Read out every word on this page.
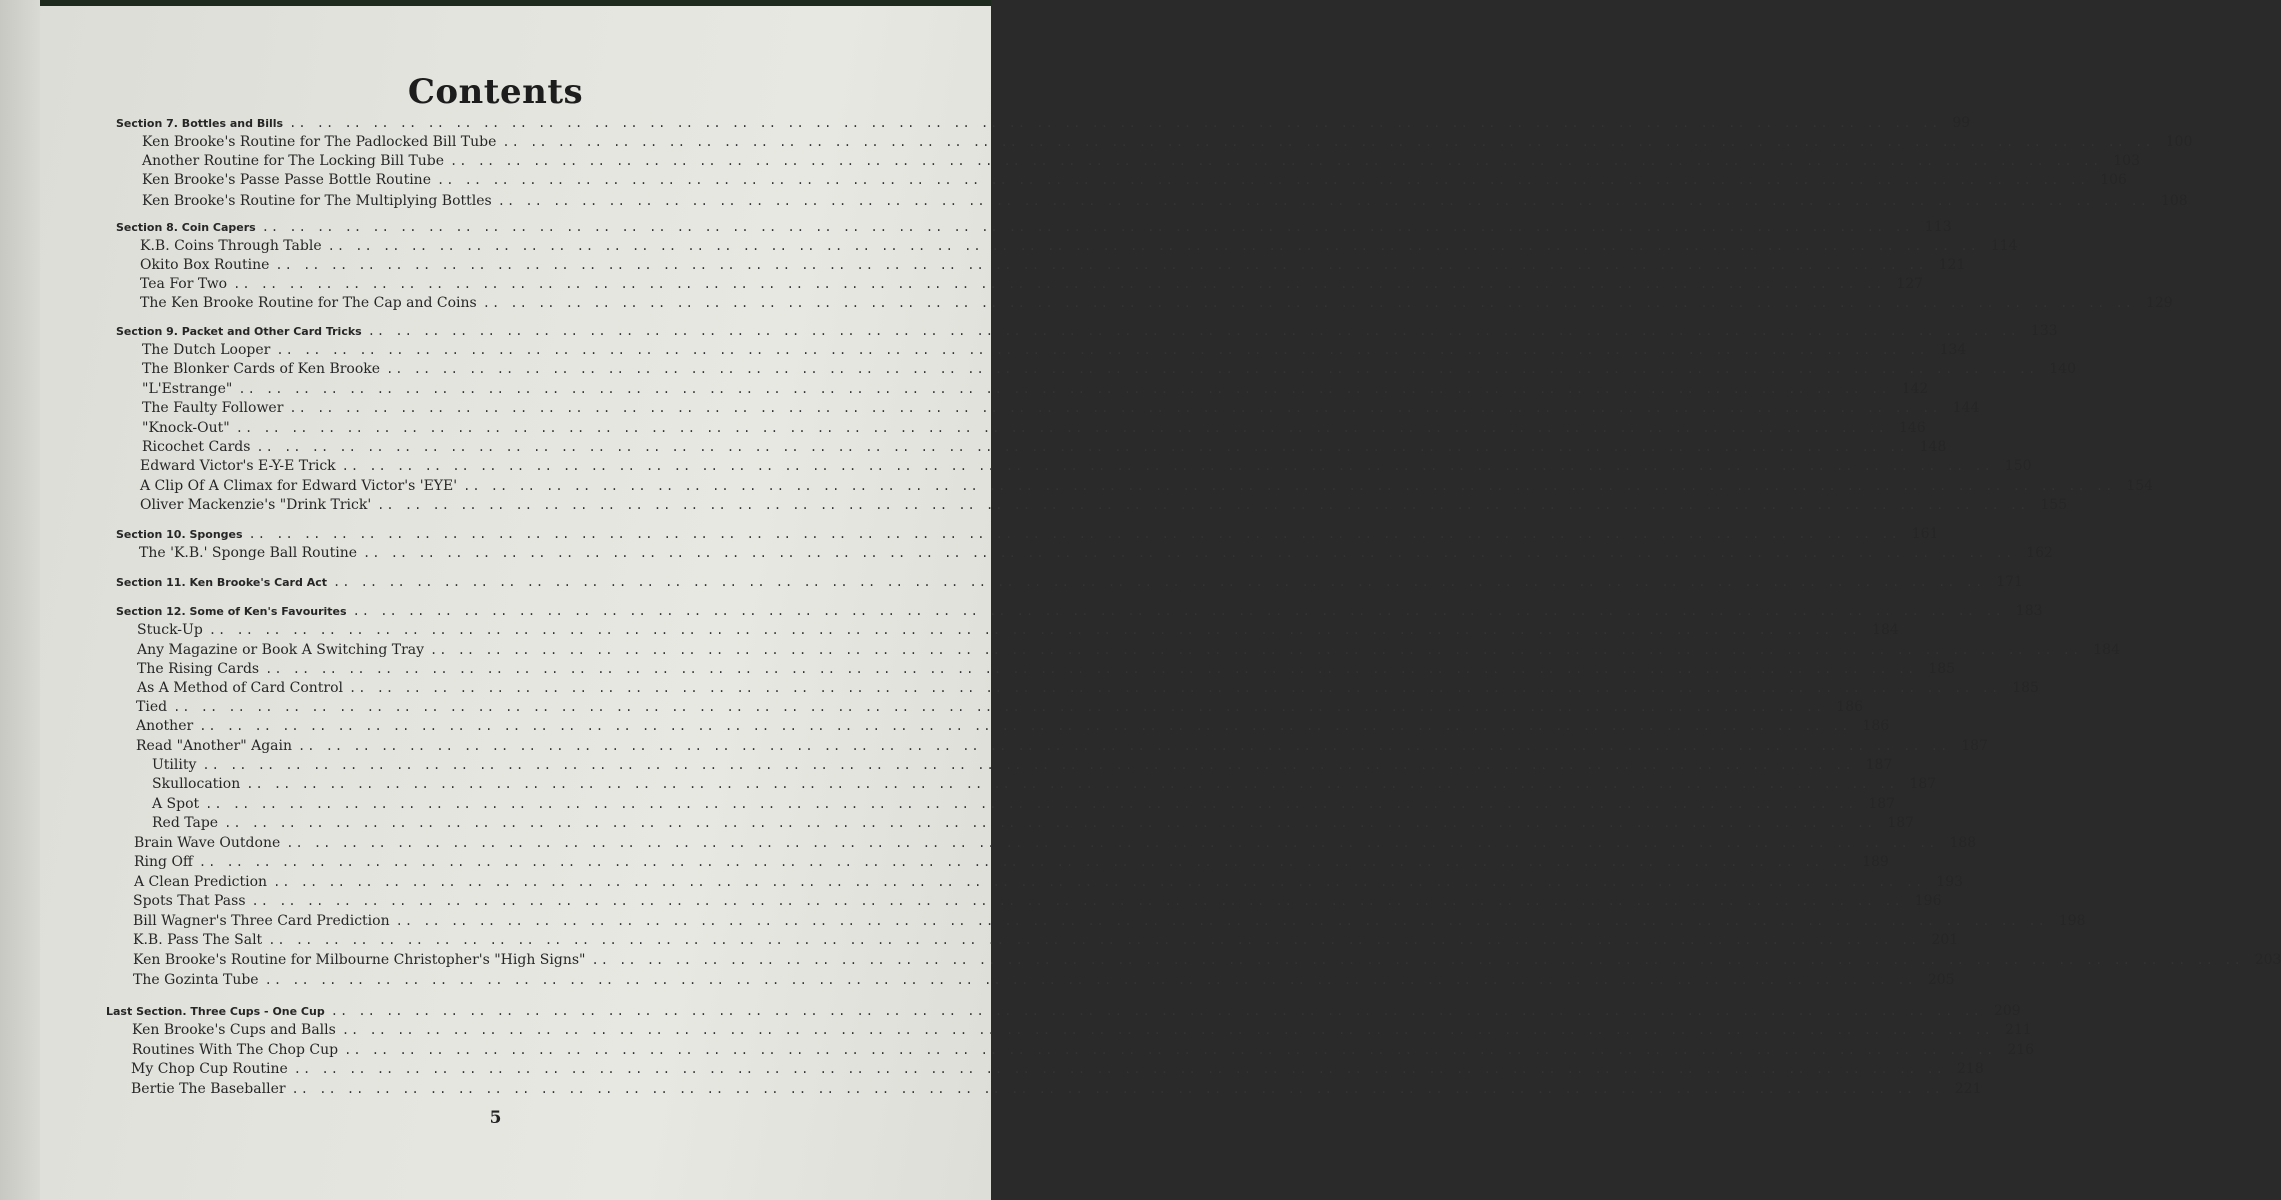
Contents
Section 7. Bottles and Bills .. .. .. .. .. .. .. .. .. .. .. .. .. .. .. .. .. .. .. .. .. .. .. .. .. .. .. .. .. .. .. .. .. .. .. .. .. .. .. .. .. .. .. .. .. .. .. .. .. .. .. .. .. .. .. .. .. .. .. .. 99
Ken Brooke's Routine for The Padlocked Bill Tube .. .. .. .. .. .. .. .. .. .. .. .. .. .. .. .. .. .. .. .. .. .. .. .. .. .. .. .. .. .. .. .. .. .. .. .. .. .. .. .. .. .. .. .. .. .. .. .. .. .. .. .. .. .. .. .. .. .. .. .. 100
Another Routine for The Locking Bill Tube .. .. .. .. .. .. .. .. .. .. .. .. .. .. .. .. .. .. .. .. .. .. .. .. .. .. .. .. .. .. .. .. .. .. .. .. .. .. .. .. .. .. .. .. .. .. .. .. .. .. .. .. .. .. .. .. .. .. .. .. 103
Ken Brooke's Passe Passe Bottle Routine .. .. .. .. .. .. .. .. .. .. .. .. .. .. .. .. .. .. .. .. .. .. .. .. .. .. .. .. .. .. .. .. .. .. .. .. .. .. .. .. .. .. .. .. .. .. .. .. .. .. .. .. .. .. .. .. .. .. .. .. 106
Ken Brooke's Routine for The Multiplying Bottles .. .. .. .. .. .. .. .. .. .. .. .. .. .. .. .. .. .. .. .. .. .. .. .. .. .. .. .. .. .. .. .. .. .. .. .. .. .. .. .. .. .. .. .. .. .. .. .. .. .. .. .. .. .. .. .. .. .. .. .. 108
Section 8. Coin Capers .. .. .. .. .. .. .. .. .. .. .. .. .. .. .. .. .. .. .. .. .. .. .. .. .. .. .. .. .. .. .. .. .. .. .. .. .. .. .. .. .. .. .. .. .. .. .. .. .. .. .. .. .. .. .. .. .. .. .. .. 113
K.B. Coins Through Table .. .. .. .. .. .. .. .. .. .. .. .. .. .. .. .. .. .. .. .. .. .. .. .. .. .. .. .. .. .. .. .. .. .. .. .. .. .. .. .. .. .. .. .. .. .. .. .. .. .. .. .. .. .. .. .. .. .. .. .. 114
Okito Box Routine .. .. .. .. .. .. .. .. .. .. .. .. .. .. .. .. .. .. .. .. .. .. .. .. .. .. .. .. .. .. .. .. .. .. .. .. .. .. .. .. .. .. .. .. .. .. .. .. .. .. .. .. .. .. .. .. .. .. .. .. 121
Tea For Two .. .. .. .. .. .. .. .. .. .. .. .. .. .. .. .. .. .. .. .. .. .. .. .. .. .. .. .. .. .. .. .. .. .. .. .. .. .. .. .. .. .. .. .. .. .. .. .. .. .. .. .. .. .. .. .. .. .. .. .. 127
The Ken Brooke Routine for The Cap and Coins .. .. .. .. .. .. .. .. .. .. .. .. .. .. .. .. .. .. .. .. .. .. .. .. .. .. .. .. .. .. .. .. .. .. .. .. .. .. .. .. .. .. .. .. .. .. .. .. .. .. .. .. .. .. .. .. .. .. .. .. 129
Section 9. Packet and Other Card Tricks .. .. .. .. .. .. .. .. .. .. .. .. .. .. .. .. .. .. .. .. .. .. .. .. .. .. .. .. .. .. .. .. .. .. .. .. .. .. .. .. .. .. .. .. .. .. .. .. .. .. .. .. .. .. .. .. .. .. .. .. 133
The Dutch Looper .. .. .. .. .. .. .. .. .. .. .. .. .. .. .. .. .. .. .. .. .. .. .. .. .. .. .. .. .. .. .. .. .. .. .. .. .. .. .. .. .. .. .. .. .. .. .. .. .. .. .. .. .. .. .. .. .. .. .. .. 134
The Blonker Cards of Ken Brooke .. .. .. .. .. .. .. .. .. .. .. .. .. .. .. .. .. .. .. .. .. .. .. .. .. .. .. .. .. .. .. .. .. .. .. .. .. .. .. .. .. .. .. .. .. .. .. .. .. .. .. .. .. .. .. .. .. .. .. .. 140
"L'Estrange" .. .. .. .. .. .. .. .. .. .. .. .. .. .. .. .. .. .. .. .. .. .. .. .. .. .. .. .. .. .. .. .. .. .. .. .. .. .. .. .. .. .. .. .. .. .. .. .. .. .. .. .. .. .. .. .. .. .. .. .. 142
The Faulty Follower .. .. .. .. .. .. .. .. .. .. .. .. .. .. .. .. .. .. .. .. .. .. .. .. .. .. .. .. .. .. .. .. .. .. .. .. .. .. .. .. .. .. .. .. .. .. .. .. .. .. .. .. .. .. .. .. .. .. .. .. 144
"Knock-Out" .. .. .. .. .. .. .. .. .. .. .. .. .. .. .. .. .. .. .. .. .. .. .. .. .. .. .. .. .. .. .. .. .. .. .. .. .. .. .. .. .. .. .. .. .. .. .. .. .. .. .. .. .. .. .. .. .. .. .. .. 146
Ricochet Cards .. .. .. .. .. .. .. .. .. .. .. .. .. .. .. .. .. .. .. .. .. .. .. .. .. .. .. .. .. .. .. .. .. .. .. .. .. .. .. .. .. .. .. .. .. .. .. .. .. .. .. .. .. .. .. .. .. .. .. .. 148
Edward Victor's E-Y-E Trick .. .. .. .. .. .. .. .. .. .. .. .. .. .. .. .. .. .. .. .. .. .. .. .. .. .. .. .. .. .. .. .. .. .. .. .. .. .. .. .. .. .. .. .. .. .. .. .. .. .. .. .. .. .. .. .. .. .. .. .. 150
A Clip Of A Climax for Edward Victor's 'EYE' .. .. .. .. .. .. .. .. .. .. .. .. .. .. .. .. .. .. .. .. .. .. .. .. .. .. .. .. .. .. .. .. .. .. .. .. .. .. .. .. .. .. .. .. .. .. .. .. .. .. .. .. .. .. .. .. .. .. .. .. 154
Oliver Mackenzie's "Drink Trick' .. .. .. .. .. .. .. .. .. .. .. .. .. .. .. .. .. .. .. .. .. .. .. .. .. .. .. .. .. .. .. .. .. .. .. .. .. .. .. .. .. .. .. .. .. .. .. .. .. .. .. .. .. .. .. .. .. .. .. .. 155
Section 10. Sponges .. .. .. .. .. .. .. .. .. .. .. .. .. .. .. .. .. .. .. .. .. .. .. .. .. .. .. .. .. .. .. .. .. .. .. .. .. .. .. .. .. .. .. .. .. .. .. .. .. .. .. .. .. .. .. .. .. .. .. .. 161
The 'K.B.' Sponge Ball Routine .. .. .. .. .. .. .. .. .. .. .. .. .. .. .. .. .. .. .. .. .. .. .. .. .. .. .. .. .. .. .. .. .. .. .. .. .. .. .. .. .. .. .. .. .. .. .. .. .. .. .. .. .. .. .. .. .. .. .. .. 162
Section 11. Ken Brooke's Card Act .. .. .. .. .. .. .. .. .. .. .. .. .. .. .. .. .. .. .. .. .. .. .. .. .. .. .. .. .. .. .. .. .. .. .. .. .. .. .. .. .. .. .. .. .. .. .. .. .. .. .. .. .. .. .. .. .. .. .. .. 171
Section 12. Some of Ken's Favourites .. .. .. .. .. .. .. .. .. .. .. .. .. .. .. .. .. .. .. .. .. .. .. .. .. .. .. .. .. .. .. .. .. .. .. .. .. .. .. .. .. .. .. .. .. .. .. .. .. .. .. .. .. .. .. .. .. .. .. .. 183
Stuck-Up .. .. .. .. .. .. .. .. .. .. .. .. .. .. .. .. .. .. .. .. .. .. .. .. .. .. .. .. .. .. .. .. .. .. .. .. .. .. .. .. .. .. .. .. .. .. .. .. .. .. .. .. .. .. .. .. .. .. .. .. 184
Any Magazine or Book A Switching Tray .. .. .. .. .. .. .. .. .. .. .. .. .. .. .. .. .. .. .. .. .. .. .. .. .. .. .. .. .. .. .. .. .. .. .. .. .. .. .. .. .. .. .. .. .. .. .. .. .. .. .. .. .. .. .. .. .. .. .. .. 184
The Rising Cards .. .. .. .. .. .. .. .. .. .. .. .. .. .. .. .. .. .. .. .. .. .. .. .. .. .. .. .. .. .. .. .. .. .. .. .. .. .. .. .. .. .. .. .. .. .. .. .. .. .. .. .. .. .. .. .. .. .. .. .. 185
As A Method of Card Control .. .. .. .. .. .. .. .. .. .. .. .. .. .. .. .. .. .. .. .. .. .. .. .. .. .. .. .. .. .. .. .. .. .. .. .. .. .. .. .. .. .. .. .. .. .. .. .. .. .. .. .. .. .. .. .. .. .. .. .. 185
Tied .. .. .. .. .. .. .. .. .. .. .. .. .. .. .. .. .. .. .. .. .. .. .. .. .. .. .. .. .. .. .. .. .. .. .. .. .. .. .. .. .. .. .. .. .. .. .. .. .. .. .. .. .. .. .. .. .. .. .. .. 186
Another .. .. .. .. .. .. .. .. .. .. .. .. .. .. .. .. .. .. .. .. .. .. .. .. .. .. .. .. .. .. .. .. .. .. .. .. .. .. .. .. .. .. .. .. .. .. .. .. .. .. .. .. .. .. .. .. .. .. .. .. 186
Read "Another" Again .. .. .. .. .. .. .. .. .. .. .. .. .. .. .. .. .. .. .. .. .. .. .. .. .. .. .. .. .. .. .. .. .. .. .. .. .. .. .. .. .. .. .. .. .. .. .. .. .. .. .. .. .. .. .. .. .. .. .. .. 187
Utility .. .. .. .. .. .. .. .. .. .. .. .. .. .. .. .. .. .. .. .. .. .. .. .. .. .. .. .. .. .. .. .. .. .. .. .. .. .. .. .. .. .. .. .. .. .. .. .. .. .. .. .. .. .. .. .. .. .. .. .. 187
Skullocation .. .. .. .. .. .. .. .. .. .. .. .. .. .. .. .. .. .. .. .. .. .. .. .. .. .. .. .. .. .. .. .. .. .. .. .. .. .. .. .. .. .. .. .. .. .. .. .. .. .. .. .. .. .. .. .. .. .. .. .. 187
A Spot .. .. .. .. .. .. .. .. .. .. .. .. .. .. .. .. .. .. .. .. .. .. .. .. .. .. .. .. .. .. .. .. .. .. .. .. .. .. .. .. .. .. .. .. .. .. .. .. .. .. .. .. .. .. .. .. .. .. .. .. 187
Red Tape .. .. .. .. .. .. .. .. .. .. .. .. .. .. .. .. .. .. .. .. .. .. .. .. .. .. .. .. .. .. .. .. .. .. .. .. .. .. .. .. .. .. .. .. .. .. .. .. .. .. .. .. .. .. .. .. .. .. .. .. 187
Brain Wave Outdone .. .. .. .. .. .. .. .. .. .. .. .. .. .. .. .. .. .. .. .. .. .. .. .. .. .. .. .. .. .. .. .. .. .. .. .. .. .. .. .. .. .. .. .. .. .. .. .. .. .. .. .. .. .. .. .. .. .. .. .. 188
Ring Off .. .. .. .. .. .. .. .. .. .. .. .. .. .. .. .. .. .. .. .. .. .. .. .. .. .. .. .. .. .. .. .. .. .. .. .. .. .. .. .. .. .. .. .. .. .. .. .. .. .. .. .. .. .. .. .. .. .. .. .. 189
A Clean Prediction .. .. .. .. .. .. .. .. .. .. .. .. .. .. .. .. .. .. .. .. .. .. .. .. .. .. .. .. .. .. .. .. .. .. .. .. .. .. .. .. .. .. .. .. .. .. .. .. .. .. .. .. .. .. .. .. .. .. .. .. 193
Spots That Pass .. .. .. .. .. .. .. .. .. .. .. .. .. .. .. .. .. .. .. .. .. .. .. .. .. .. .. .. .. .. .. .. .. .. .. .. .. .. .. .. .. .. .. .. .. .. .. .. .. .. .. .. .. .. .. .. .. .. .. .. 196
Bill Wagner's Three Card Prediction .. .. .. .. .. .. .. .. .. .. .. .. .. .. .. .. .. .. .. .. .. .. .. .. .. .. .. .. .. .. .. .. .. .. .. .. .. .. .. .. .. .. .. .. .. .. .. .. .. .. .. .. .. .. .. .. .. .. .. .. 198
K.B. Pass The Salt .. .. .. .. .. .. .. .. .. .. .. .. .. .. .. .. .. .. .. .. .. .. .. .. .. .. .. .. .. .. .. .. .. .. .. .. .. .. .. .. .. .. .. .. .. .. .. .. .. .. .. .. .. .. .. .. .. .. .. .. 201
Ken Brooke's Routine for Milbourne Christopher's "High Signs" .. .. .. .. .. .. .. .. .. .. .. .. .. .. .. .. .. .. .. .. .. .. .. .. .. .. .. .. .. .. .. .. .. .. .. .. .. .. .. .. .. .. .. .. .. .. .. .. .. .. .. .. .. .. .. .. .. .. .. .. 203
The Gozinta Tube .. .. .. .. .. .. .. .. .. .. .. .. .. .. .. .. .. .. .. .. .. .. .. .. .. .. .. .. .. .. .. .. .. .. .. .. .. .. .. .. .. .. .. .. .. .. .. .. .. .. .. .. .. .. .. .. .. .. .. .. 205
Last Section. Three Cups - One Cup .. .. .. .. .. .. .. .. .. .. .. .. .. .. .. .. .. .. .. .. .. .. .. .. .. .. .. .. .. .. .. .. .. .. .. .. .. .. .. .. .. .. .. .. .. .. .. .. .. .. .. .. .. .. .. .. .. .. .. .. 209
Ken Brooke's Cups and Balls .. .. .. .. .. .. .. .. .. .. .. .. .. .. .. .. .. .. .. .. .. .. .. .. .. .. .. .. .. .. .. .. .. .. .. .. .. .. .. .. .. .. .. .. .. .. .. .. .. .. .. .. .. .. .. .. .. .. .. .. 211
Routines With The Chop Cup .. .. .. .. .. .. .. .. .. .. .. .. .. .. .. .. .. .. .. .. .. .. .. .. .. .. .. .. .. .. .. .. .. .. .. .. .. .. .. .. .. .. .. .. .. .. .. .. .. .. .. .. .. .. .. .. .. .. .. .. 216
My Chop Cup Routine .. .. .. .. .. .. .. .. .. .. .. .. .. .. .. .. .. .. .. .. .. .. .. .. .. .. .. .. .. .. .. .. .. .. .. .. .. .. .. .. .. .. .. .. .. .. .. .. .. .. .. .. .. .. .. .. .. .. .. .. 218
Bertie The Baseballer .. .. .. .. .. .. .. .. .. .. .. .. .. .. .. .. .. .. .. .. .. .. .. .. .. .. .. .. .. .. .. .. .. .. .. .. .. .. .. .. .. .. .. .. .. .. .. .. .. .. .. .. .. .. .. .. .. .. .. .. 221
5
